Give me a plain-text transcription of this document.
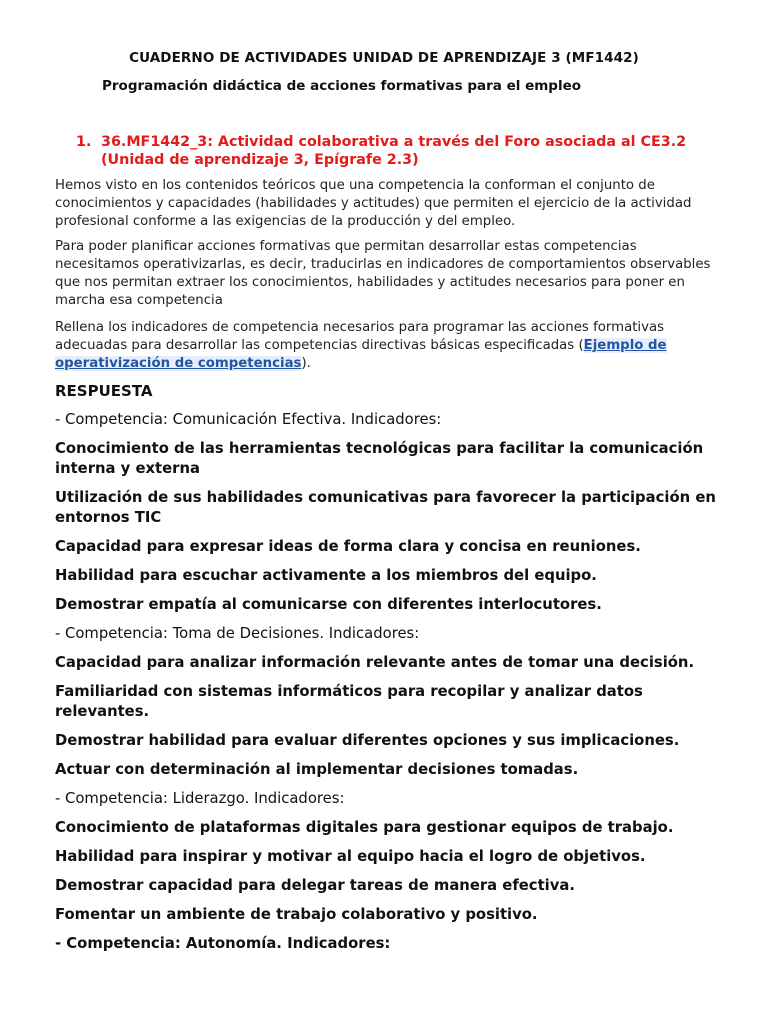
CUADERNO DE ACTIVIDADES UNIDAD DE APRENDIZAJE 3 (MF1442)
Programación didáctica de acciones formativas para el empleo
1. 36.MF1442_3: Actividad colaborativa a través del Foro asociada al CE3.2 (Unidad de aprendizaje 3, Epígrafe 2.3)
Hemos visto en los contenidos teóricos que una competencia la conforman el conjunto de conocimientos y capacidades (habilidades y actitudes) que permiten el ejercicio de la actividad profesional conforme a las exigencias de la producción y del empleo.
Para poder planificar acciones formativas que permitan desarrollar estas competencias necesitamos operativizarlas, es decir, traducirlas en indicadores de comportamientos observables que nos permitan extraer los conocimientos, habilidades y actitudes necesarios para poner en marcha esa competencia
Rellena los indicadores de competencia necesarios para programar las acciones formativas adecuadas para desarrollar las competencias directivas básicas especificadas (Ejemplo de operativización de competencias).
RESPUESTA
- Competencia: Comunicación Efectiva. Indicadores:
Conocimiento de las herramientas tecnológicas para facilitar la comunicación interna y externa
Utilización de sus habilidades comunicativas para favorecer la participación en entornos TIC
Capacidad para expresar ideas de forma clara y concisa en reuniones.
Habilidad para escuchar activamente a los miembros del equipo.
Demostrar empatía al comunicarse con diferentes interlocutores.
- Competencia: Toma de Decisiones. Indicadores:
Capacidad para analizar información relevante antes de tomar una decisión.
Familiaridad con sistemas informáticos para recopilar y analizar datos relevantes.
Demostrar habilidad para evaluar diferentes opciones y sus implicaciones.
Actuar con determinación al implementar decisiones tomadas.
- Competencia: Liderazgo. Indicadores:
Conocimiento de plataformas digitales para gestionar equipos de trabajo.
Habilidad para inspirar y motivar al equipo hacia el logro de objetivos.
Demostrar capacidad para delegar tareas de manera efectiva.
Fomentar un ambiente de trabajo colaborativo y positivo.
- Competencia: Autonomía. Indicadores:
